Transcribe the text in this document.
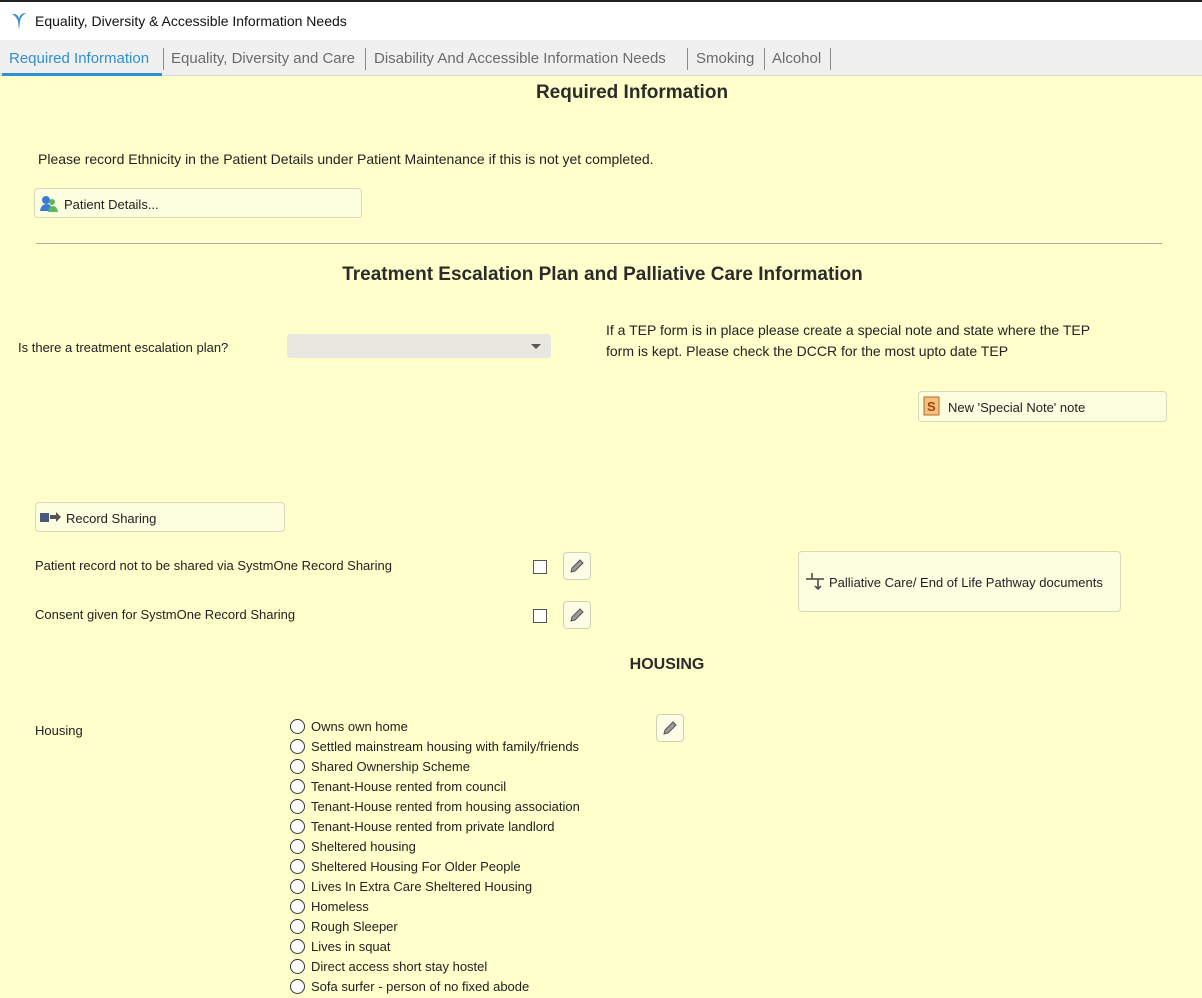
Equality, Diversity & Accessible Information Needs
Required Information Equality, Diversity and Care Disability And Accessible Information Needs Smoking Alcohol
Required Information
Please record Ethnicity in the Patient Details under Patient Maintenance if this is not yet completed.
Patient Details...
Treatment Escalation Plan and Palliative Care Information
Is there a treatment escalation plan?
If a TEP form is in place please create a special note and state where the TEP
form is kept. Please check the DCCR for the most upto date TEP
S New 'Special Note' note
Record Sharing
Patient record not to be shared via SystmOne Record Sharing
Consent given for SystmOne Record Sharing
Palliative Care/ End of Life Pathway documents
HOUSING
Housing	Owns own home
Settled mainstream housing with family/friends
Shared Ownership Scheme
Tenant-House rented from council
Tenant-House rented from housing association
Tenant-House rented from private landlord
Sheltered housing
Sheltered Housing For Older People
Lives In Extra Care Sheltered Housing
Homeless
Rough Sleeper
Lives in squat
Direct access short stay hostel
Sofa surfer - person of no fixed abode
